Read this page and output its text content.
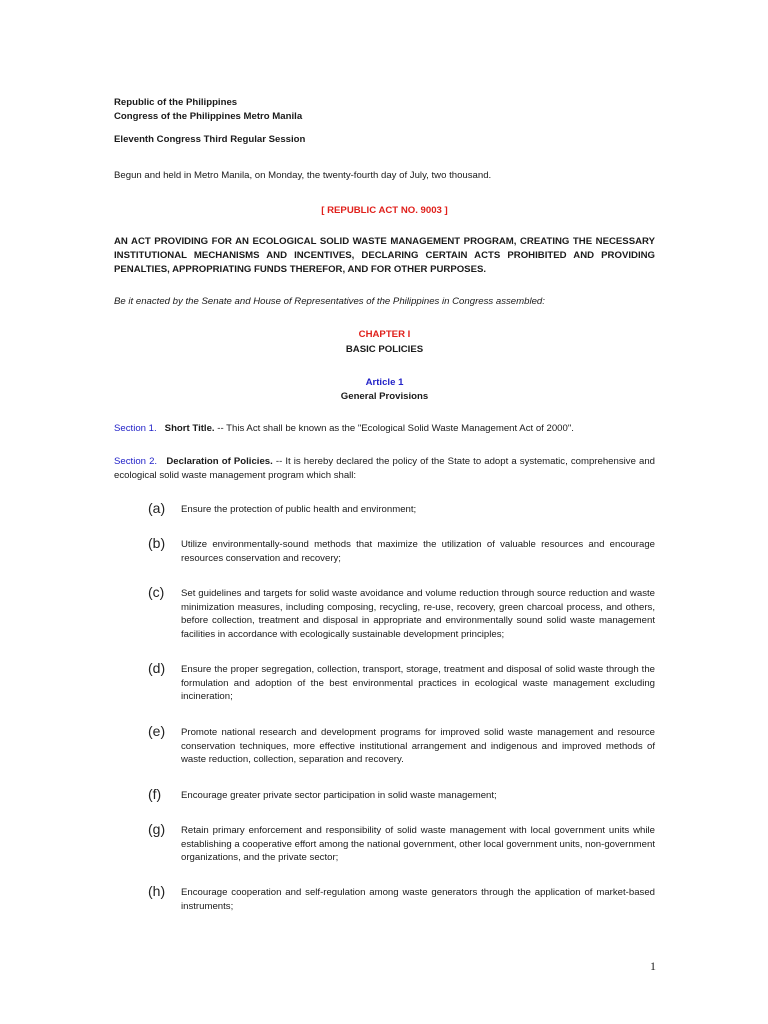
Republic of the Philippines
Congress of the Philippines Metro Manila
Eleventh Congress Third Regular Session
Begun and held in Metro Manila, on Monday, the twenty-fourth day of July, two thousand.
[ REPUBLIC ACT NO. 9003 ]
AN ACT PROVIDING FOR AN ECOLOGICAL SOLID WASTE MANAGEMENT PROGRAM, CREATING THE NECESSARY INSTITUTIONAL MECHANISMS AND INCENTIVES, DECLARING CERTAIN ACTS PROHIBITED AND PROVIDING PENALTIES, APPROPRIATING FUNDS THEREFOR, AND FOR OTHER PURPOSES.
Be it enacted by the Senate and House of Representatives of the Philippines in Congress assembled:
CHAPTER I
BASIC POLICIES
Article 1
General Provisions
Section 1. Short Title. -- This Act shall be known as the "Ecological Solid Waste Management Act of 2000".
Section 2. Declaration of Policies. -- It is hereby declared the policy of the State to adopt a systematic, comprehensive and ecological solid waste management program which shall:
(a) Ensure the protection of public health and environment;
(b) Utilize environmentally-sound methods that maximize the utilization of valuable resources and encourage resources conservation and recovery;
(c) Set guidelines and targets for solid waste avoidance and volume reduction through source reduction and waste minimization measures, including composing, recycling, re-use, recovery, green charcoal process, and others, before collection, treatment and disposal in appropriate and environmentally sound solid waste management facilities in accordance with ecologically sustainable development principles;
(d) Ensure the proper segregation, collection, transport, storage, treatment and disposal of solid waste through the formulation and adoption of the best environmental practices in ecological waste management excluding incineration;
(e) Promote national research and development programs for improved solid waste management and resource conservation techniques, more effective institutional arrangement and indigenous and improved methods of waste reduction, collection, separation and recovery.
(f) Encourage greater private sector participation in solid waste management;
(g) Retain primary enforcement and responsibility of solid waste management with local government units while establishing a cooperative effort among the national government, other local government units, non-government organizations, and the private sector;
(h) Encourage cooperation and self-regulation among waste generators through the application of market-based instruments;
1
